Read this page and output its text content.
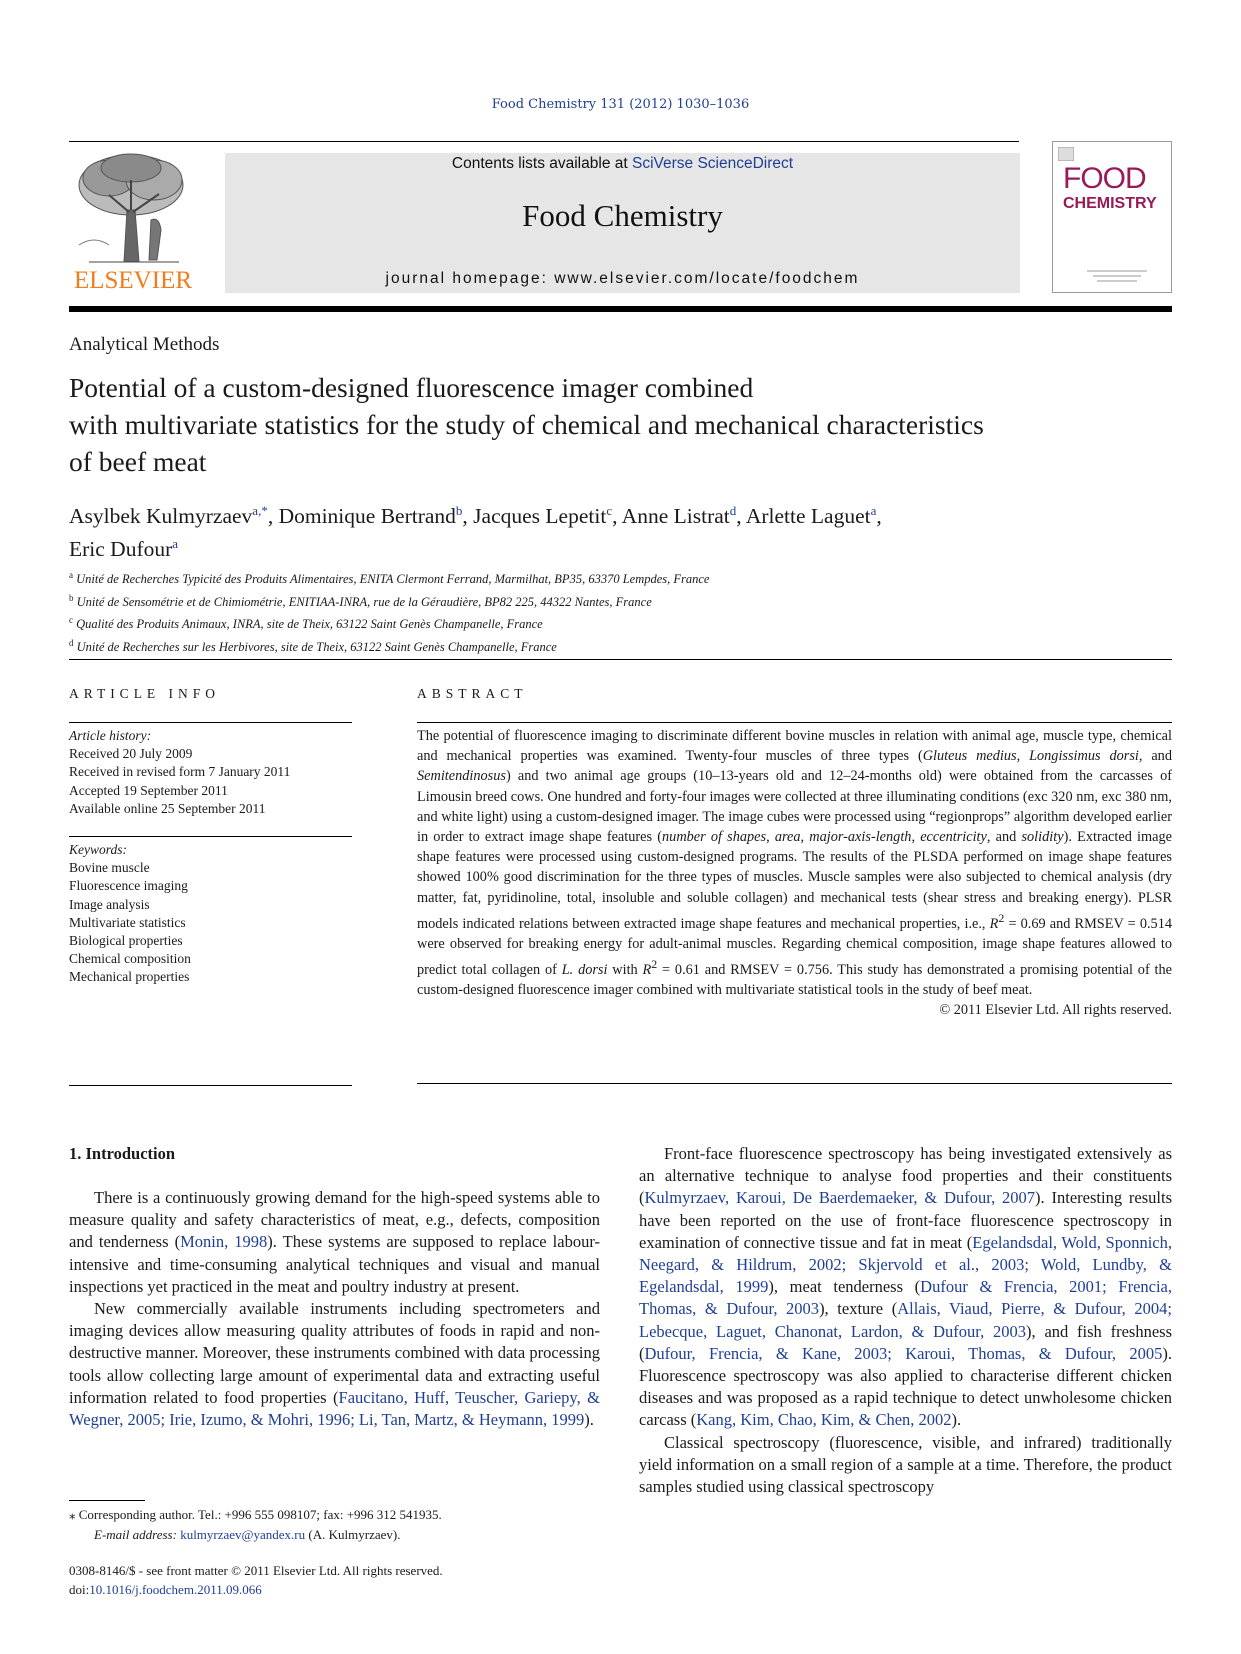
Food Chemistry 131 (2012) 1030–1036
ELSEVIER
Contents lists available at SciVerse ScienceDirect
Food Chemistry
journal homepage: www.elsevier.com/locate/foodchem
FOOD
CHEMISTRY
Analytical Methods
Potential of a custom-designed fluorescence imager combined
with multivariate statistics for the study of chemical and mechanical characteristics
of beef meat
Asylbek Kulmyrzaev$^{a,*}$, Dominique Bertrand$^b$, Jacques Lepetit$^c$, Anne Listrat$^d$, Arlette Laguet$^a$,
Eric Dufour$^a$
$^a$ Unité de Recherches Typicité des Produits Alimentaires, ENITA Clermont Ferrand, Marmilhat, BP35, 63370 Lempdes, France
$^b$ Unité de Sensométrie et de Chimiométrie, ENITIAA-INRA, rue de la Géraudière, BP82 225, 44322 Nantes, France
$^c$ Qualité des Produits Animaux, INRA, site de Theix, 63122 Saint Genès Champanelle, France
$^d$ Unité de Recherches sur les Herbivores, site de Theix, 63122 Saint Genès Champanelle, France
ARTICLE INFO
Article history:
Received 20 July 2009
Received in revised form 7 January 2011
Accepted 19 September 2011
Available online 25 September 2011
Keywords:
Bovine muscle
Fluorescence imaging
Image analysis
Multivariate statistics
Biological properties
Chemical composition
Mechanical properties
ABSTRACT
The potential of fluorescence imaging to discriminate different bovine muscles in relation with animal age, muscle type, chemical and mechanical properties was examined. Twenty-four muscles of three types (Gluteus medius, Longissimus dorsi, and Semitendinosus) and two animal age groups (10–13-years old and 12–24-months old) were obtained from the carcasses of Limousin breed cows. One hundred and forty-four images were collected at three illuminating conditions (exc 320 nm, exc 380 nm, and white light) using a custom-designed imager. The image cubes were processed using “regionprops” algorithm developed earlier in order to extract image shape features (number of shapes, area, major-axis-length, eccentricity, and solidity). Extracted image shape features were processed using custom-designed programs. The results of the PLSDA performed on image shape features showed 100% good discrimination for the three types of muscles. Muscle samples were also subjected to chemical analysis (dry matter, fat, pyridinoline, total, insoluble and soluble collagen) and mechanical tests (shear stress and breaking energy). PLSR models indicated relations between extracted image shape features and mechanical properties, i.e., $R^2 = 0.69$ and RMSEV = 0.514 were observed for breaking energy for adult-animal muscles. Regarding chemical composition, image shape features allowed to predict total collagen of L. dorsi with $R^2 = 0.61$ and RMSEV = 0.756. This study has demonstrated a promising potential of the custom-designed fluorescence imager combined with multivariate statistical tools in the study of beef meat.
© 2011 Elsevier Ltd. All rights reserved.
1. Introduction

There is a continuously growing demand for the high-speed systems able to measure quality and safety characteristics of meat, e.g., defects, composition and tenderness (Monin, 1998). These systems are supposed to replace labour-intensive and time-consuming analytical techniques and visual and manual inspections yet practiced in the meat and poultry industry at present.

New commercially available instruments including spectrometers and imaging devices allow measuring quality attributes of foods in rapid and non-destructive manner. Moreover, these instruments combined with data processing tools allow collecting large amount of experimental data and extracting useful information related to food properties (Faucitano, Huff, Teuscher, Gariepy, & Wegner, 2005; Irie, Izumo, & Mohri, 1996; Li, Tan, Martz, & Heymann, 1999).

Front-face fluorescence spectroscopy has being investigated extensively as an alternative technique to analyse food properties and their constituents (Kulmyrzaev, Karoui, De Baerdemaeker, & Dufour, 2007). Interesting results have been reported on the use of front-face fluorescence spectroscopy in examination of connective tissue and fat in meat (Egelandsdal, Wold, Sponnich, Neegard, & Hildrum, 2002; Skjervold et al., 2003; Wold, Lundby, & Egelandsdal, 1999), meat tenderness (Dufour & Frencia, 2001; Frencia, Thomas, & Dufour, 2003), texture (Allais, Viaud, Pierre, & Dufour, 2004; Lebecque, Laguet, Chanonat, Lardon, & Dufour, 2003), and fish freshness (Dufour, Frencia, & Kane, 2003; Karoui, Thomas, & Dufour, 2005). Fluorescence spectroscopy was also applied to characterise different chicken diseases and was proposed as a rapid technique to detect unwholesome chicken carcass (Kang, Kim, Chao, Kim, & Chen, 2002).

Classical spectroscopy (fluorescence, visible, and infrared) traditionally yield information on a small region of a sample at a time. Therefore, the product samples studied using classical spectroscopy

⁎ Corresponding author. Tel.: +996 555 098107; fax: +996 312 541935.
E-mail address: kulmyrzaev@yandex.ru (A. Kulmyrzaev).
0308-8146/$ - see front matter © 2011 Elsevier Ltd. All rights reserved.
doi:10.1016/j.foodchem.2011.09.066
